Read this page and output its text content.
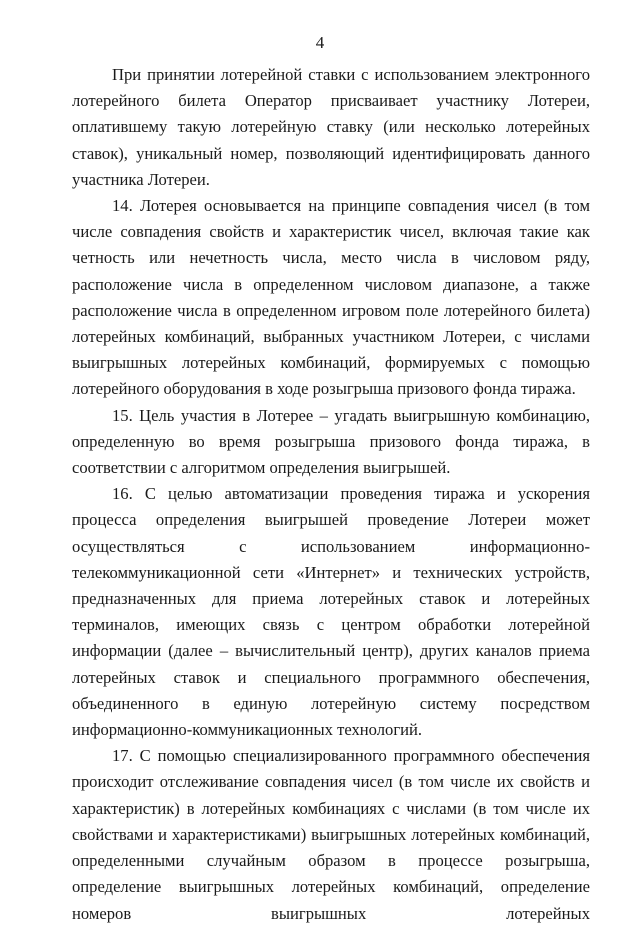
4

При принятии лотерейной ставки с использованием электронного лотерейного билета Оператор присваивает участнику Лотереи, оплатившему такую лотерейную ставку (или несколько лотерейных ставок), уникальный номер, позволяющий идентифицировать данного участника Лотереи.

14. Лотерея основывается на принципе совпадения чисел (в том числе совпадения свойств и характеристик чисел, включая такие как четность или нечетность числа, место числа в числовом ряду, расположение числа в определенном числовом диапазоне, а также расположение числа в определенном игровом поле лотерейного билета) лотерейных комбинаций, выбранных участником Лотереи, с числами выигрышных лотерейных комбинаций, формируемых с помощью лотерейного оборудования в ходе розыгрыша призового фонда тиража.

15. Цель участия в Лотерее – угадать выигрышную комбинацию, определенную во время розыгрыша призового фонда тиража, в соответствии с алгоритмом определения выигрышей.

16. С целью автоматизации проведения тиража и ускорения процесса определения выигрышей проведение Лотереи может осуществляться с использованием информационно-телекоммуникационной сети «Интернет» и технических устройств, предназначенных для приема лотерейных ставок и лотерейных терминалов, имеющих связь с центром обработки лотерейной информации (далее – вычислительный центр), других каналов приема лотерейных ставок и специального программного обеспечения, объединенного в единую лотерейную систему посредством информационно-коммуникационных технологий.

17. С помощью специализированного программного обеспечения происходит отслеживание совпадения чисел (в том числе их свойств и характеристик) в лотерейных комбинациях с числами (в том числе их свойствами и характеристиками) выигрышных лотерейных комбинаций, определенными случайным образом в процессе розыгрыша, определение выигрышных лотерейных комбинаций, определение номеров выигрышных лотерейных
